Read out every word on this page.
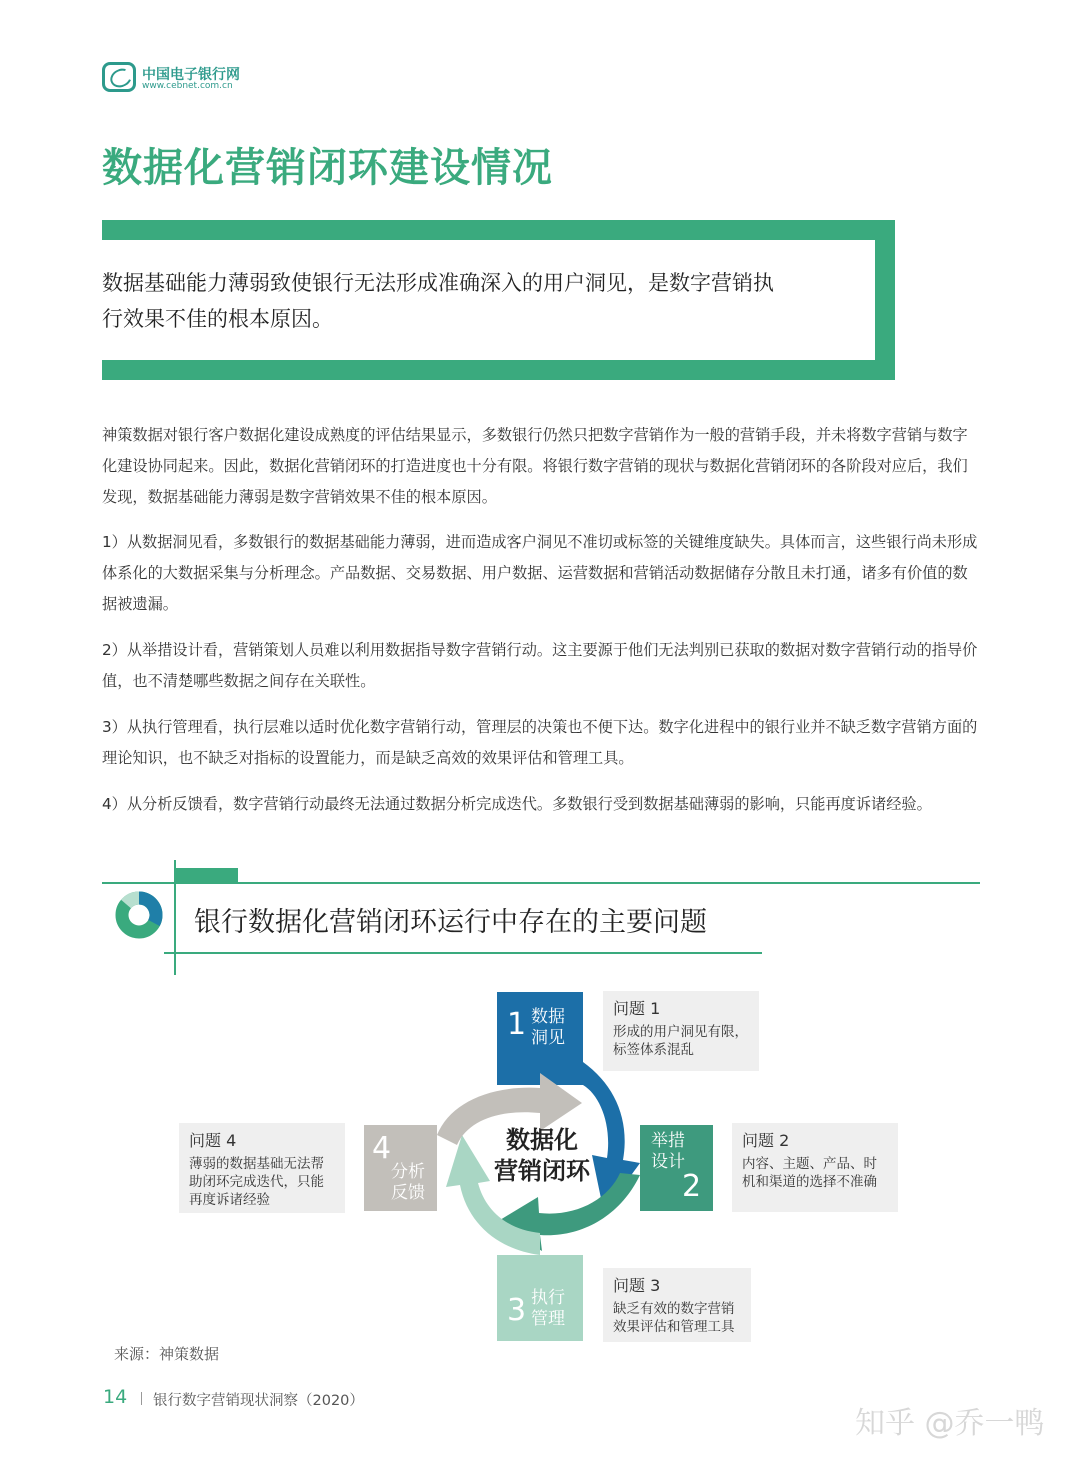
中国电子银行网
www.cebnet.com.cn
数据化营销闭环建设情况
数据基础能力薄弱致使银行无法形成准确深入的用户洞见，是数字营销执行效果不佳的根本原因。
神策数据对银行客户数据化建设成熟度的评估结果显示，多数银行仍然只把数字营销作为一般的营销手段，并未将数字营销与数字化建设协同起来。因此，数据化营销闭环的打造进度也十分有限。将银行数字营销的现状与数据化营销闭环的各阶段对应后，我们发现，数据基础能力薄弱是数字营销效果不佳的根本原因。
1）从数据洞见看，多数银行的数据基础能力薄弱，进而造成客户洞见不准切或标签的关键维度缺失。具体而言，这些银行尚未形成体系化的大数据采集与分析理念。产品数据、交易数据、用户数据、运营数据和营销活动数据储存分散且未打通，诸多有价值的数据被遗漏。
2）从举措设计看，营销策划人员难以利用数据指导数字营销行动。这主要源于他们无法判别已获取的数据对数字营销行动的指导价值，也不清楚哪些数据之间存在关联性。
3）从执行管理看，执行层难以适时优化数字营销行动，管理层的决策也不便下达。数字化进程中的银行业并不缺乏数字营销方面的理论知识，也不缺乏对指标的设置能力，而是缺乏高效的效果评估和管理工具。
4）从分析反馈看，数字营销行动最终无法通过数据分析完成迭代。多数银行受到数据基础薄弱的影响，只能再度诉诸经验。
银行数据化营销闭环运行中存在的主要问题
数据化
营销闭环
1 数据
洞见
举措
设计
2
3 执行
管理
4
分析
反馈
问题 1
形成的用户洞见有限，
标签体系混乱
问题 2
内容、主题、产品、时
机和渠道的选择不准确
问题 3
缺乏有效的数字营销
效果评估和管理工具
问题 4
薄弱的数据基础无法帮
助闭环完成迭代，只能
再度诉诸经验
来源：神策数据
14 银行数字营销现状洞察（2020）
知乎 @乔一鸭
